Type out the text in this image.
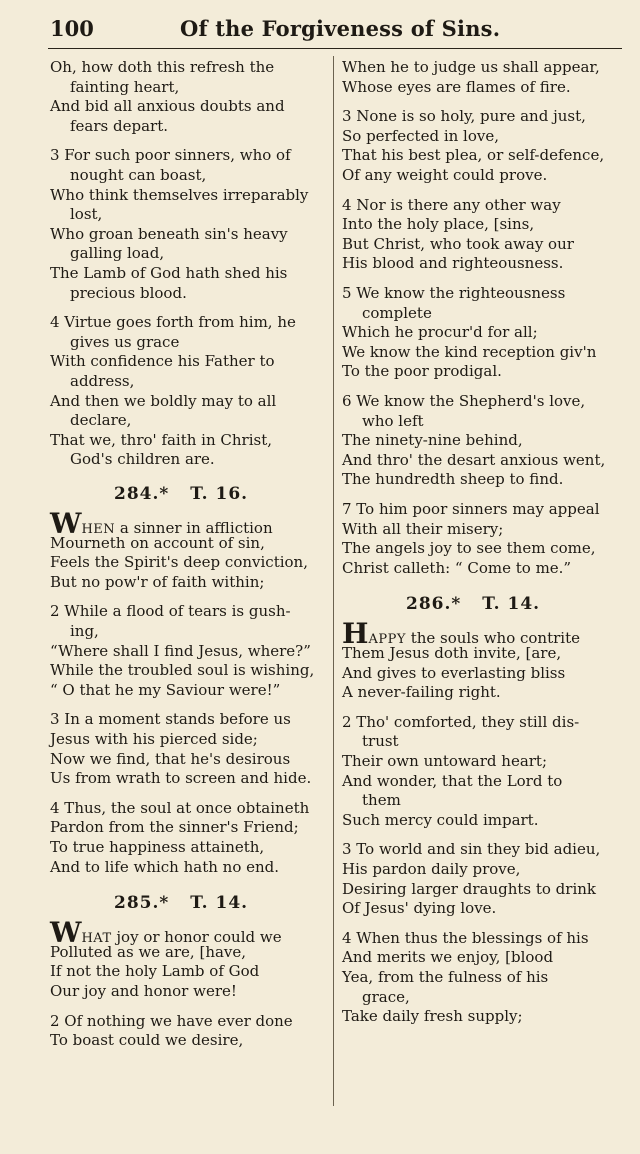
100	Of the Forgiveness of Sins.
Oh, how doth this refresh the
fainting heart,
And bid all anxious doubts and
fears depart.
3 For such poor sinners, who of
nought can boast,
Who think themselves irreparably
lost,
Who groan beneath sin's heavy
galling load,
The Lamb of God hath shed his
precious blood.
4 Virtue goes forth from him, he
gives us grace
With confidence his Father to
address,
And then we boldly may to all
declare,
That we, thro' faith in Christ,
God's children are.
284.* T. 16.
WHEN a sinner in affliction
Mourneth on account of sin,
Feels the Spirit's deep conviction,
But no pow'r of faith within;
2 While a flood of tears is gush-
ing,
“Where shall I find Jesus, where?”
While the troubled soul is wishing,
“ O that he my Saviour were!”
3 In a moment stands before us
Jesus with his pierced side;
Now we find, that he's desirous
Us from wrath to screen and hide.
4 Thus, the soul at once obtaineth
Pardon from the sinner's Friend;
To true happiness attaineth,
And to life which hath no end.
285.* T. 14.
WHAT joy or honor could we
Polluted as we are, [have,
If not the holy Lamb of God
Our joy and honor were!
2 Of nothing we have ever done
To boast could we desire,
When he to judge us shall appear,
Whose eyes are flames of fire.
3 None is so holy, pure and just,
So perfected in love,
That his best plea, or self-defence,
Of any weight could prove.
4 Nor is there any other way
Into the holy place, [sins,
But Christ, who took away our
His blood and righteousness.
5 We know the righteousness
complete
Which he procur'd for all;
We know the kind reception giv'n
To the poor prodigal.
6 We know the Shepherd's love,
who left
The ninety-nine behind,
And thro' the desart anxious went,
The hundredth sheep to find.
7 To him poor sinners may appeal
With all their misery;
The angels joy to see them come,
Christ calleth: “ Come to me.”
286.* T. 14.
HAPPY the souls who contrite
Them Jesus doth invite, [are,
And gives to everlasting bliss
A never-failing right.
2 Tho' comforted, they still dis-
trust
Their own untoward heart;
And wonder, that the Lord to
them
Such mercy could impart.
3 To world and sin they bid adieu,
His pardon daily prove,
Desiring larger draughts to drink
Of Jesus' dying love.
4 When thus the blessings of his
And merits we enjoy, [blood
Yea, from the fulness of his
grace,
Take daily fresh supply;
